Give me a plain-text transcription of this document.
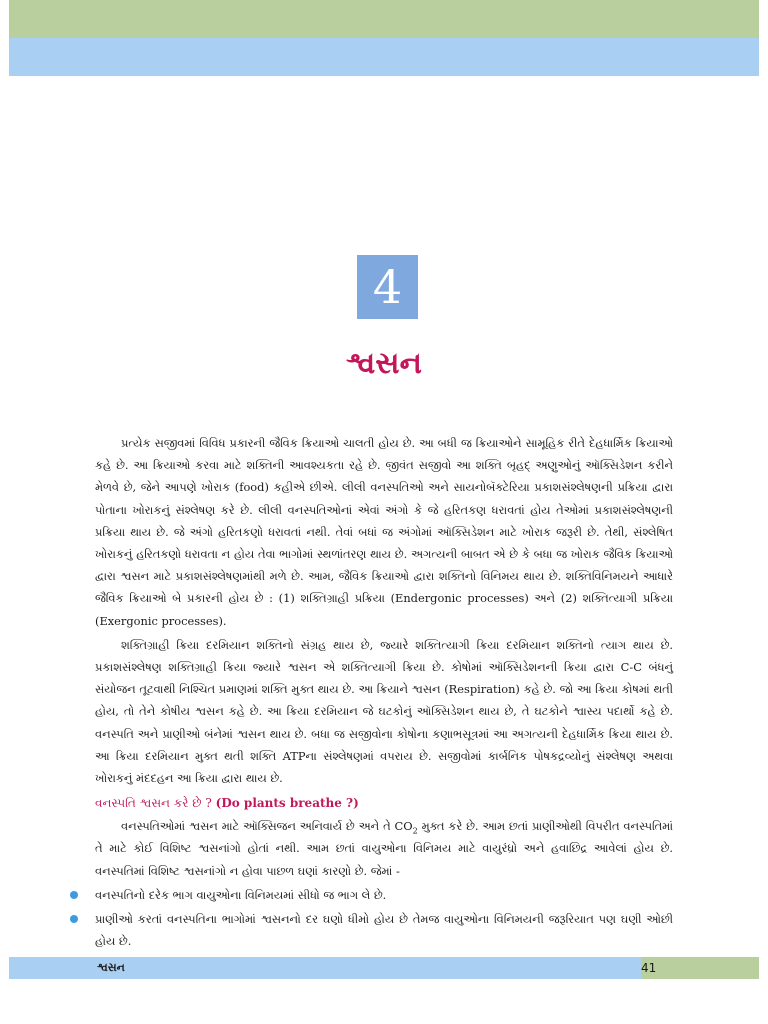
4
શ્વસન

પ્રત્યેક સજીવમાં વિવિધ પ્રકારની જૈવિક ક્રિયાઓ ચાલતી હોય છે. આ બધી જ ક્રિયાઓને સામૂહિક રીતે દેહધાર્મિક ક્રિયાઓ કહે છે. આ ક્રિયાઓ કરવા માટે શક્તિની આવશ્યકતા રહે છે. જીવંત સજીવો આ શક્તિ બૃહદ્ અણુઓનું ઑક્સિડેશન કરીને મેળવે છે, જેને આપણે ખોરાક (food) કહીએ છીએ. લીલી વનસ્પતિઓ અને સાયનોબૅક્ટેરિયા પ્રકાશસંશ્લેષણની પ્રક્રિયા દ્વારા પોતાના ખોરાકનું સંશ્લેષણ કરે છે. લીલી વનસ્પતિઓનાં એવાં અંગો કે જે હરિતકણ ધરાવતાં હોય તેઓમાં પ્રકાશસંશ્લેષણની પ્રક્રિયા થાય છે. જે અંગો હરિતકણો ધરાવતાં નથી. તેવાં બધાં જ અંગોમાં ઑક્સિડેશન માટે ખોરાક જરૂરી છે. તેથી, સંશ્લેષિત ખોરાકનું હરિતકણો ધરાવતા ન હોય તેવા ભાગોમાં સ્થળાંતરણ થાય છે. અગત્યની બાબત એ છે કે બધા જ ખોરાક જૈવિક ક્રિયાઓ દ્વારા શ્વસન માટે પ્રકાશસંશ્લેષણમાંથી મળે છે. આમ, જૈવિક ક્રિયાઓ દ્વારા શક્તિનો વિનિમય થાય છે. શક્તિવિનિમયને આધારે જૈવિક ક્રિયાઓ બે પ્રકારની હોય છે : (1) શક્તિગ્રાહી પ્રક્રિયા (Endergonic processes) અને (2) શક્તિત્યાગી પ્રક્રિયા (Exergonic processes).

શક્તિગ્રાહી ક્રિયા દરમિયાન શક્તિનો સંગ્રહ થાય છે, જ્યારે શક્તિત્યાગી ક્રિયા દરમિયાન શક્તિનો ત્યાગ થાય છે. પ્રકાશસંશ્લેષણ શક્તિગ્રાહી ક્રિયા જ્યારે શ્વસન એ શક્તિત્યાગી ક્રિયા છે. કોષોમાં ઑક્સિડેશનની ક્રિયા દ્વારા C-C બંધનું સંયોજન તૂટવાથી નિશ્ચિત પ્રમાણમાં શક્તિ મુક્ત થાય છે. આ ક્રિયાને શ્વસન (Respiration) કહે છે. જો આ ક્રિયા કોષમાં થતી હોય, તો તેને કોષીય શ્વસન કહે છે. આ ક્રિયા દરમિયાન જે ઘટકોનું ઑક્સિડેશન થાય છે, તે ઘટકોને શ્વાસ્ય પદાર્થો કહે છે. વનસ્પતિ અને પ્રાણીઓ બંનેમાં શ્વસન થાય છે. બધા જ સજીવોના કોષોના કણાભસૂત્રમાં આ અગત્યની દેહધાર્મિક ક્રિયા થાય છે. આ ક્રિયા દરમિયાન મુક્ત થતી શક્તિ ATPના સંશ્લેષણમાં વપરાય છે. સજીવોમાં કાર્બનિક પોષકદ્રવ્યોનું સંશ્લેષણ અથવા ખોરાકનું મંદદહન આ ક્રિયા દ્વારા થાય છે.

વનસ્પતિ શ્વસન કરે છે ? (Do plants breathe ?)

વનસ્પતિઓમાં શ્વસન માટે ઑક્સિજન અનિવાર્ય છે અને તે $CO_2$ મુક્ત કરે છે. આમ છતાં પ્રાણીઓથી વિપરીત વનસ્પતિમાં તે માટે કોઈ વિશિષ્ટ શ્વસનાંગો હોતાં નથી. આમ છતાં વાયુઓના વિનિમય માટે વાયુરંધ્રો અને હવાછિદ્ર આવેલાં હોય છે. વનસ્પતિમાં વિશિષ્ટ શ્વસનાંગો ન હોવા પાછળ ઘણાં કારણો છે. જેમાં -

વનસ્પતિનો દરેક ભાગ વાયુઓના વિનિમયમાં સીધો જ ભાગ લે છે.
પ્રાણીઓ કરતાં વનસ્પતિના ભાગોમાં શ્વસનનો દર ઘણો ધીમો હોય છે તેમજ વાયુઓના વિનિમયની જરૂરિયાત પણ ઘણી ઓછી હોય છે.
શ્વસન	41
